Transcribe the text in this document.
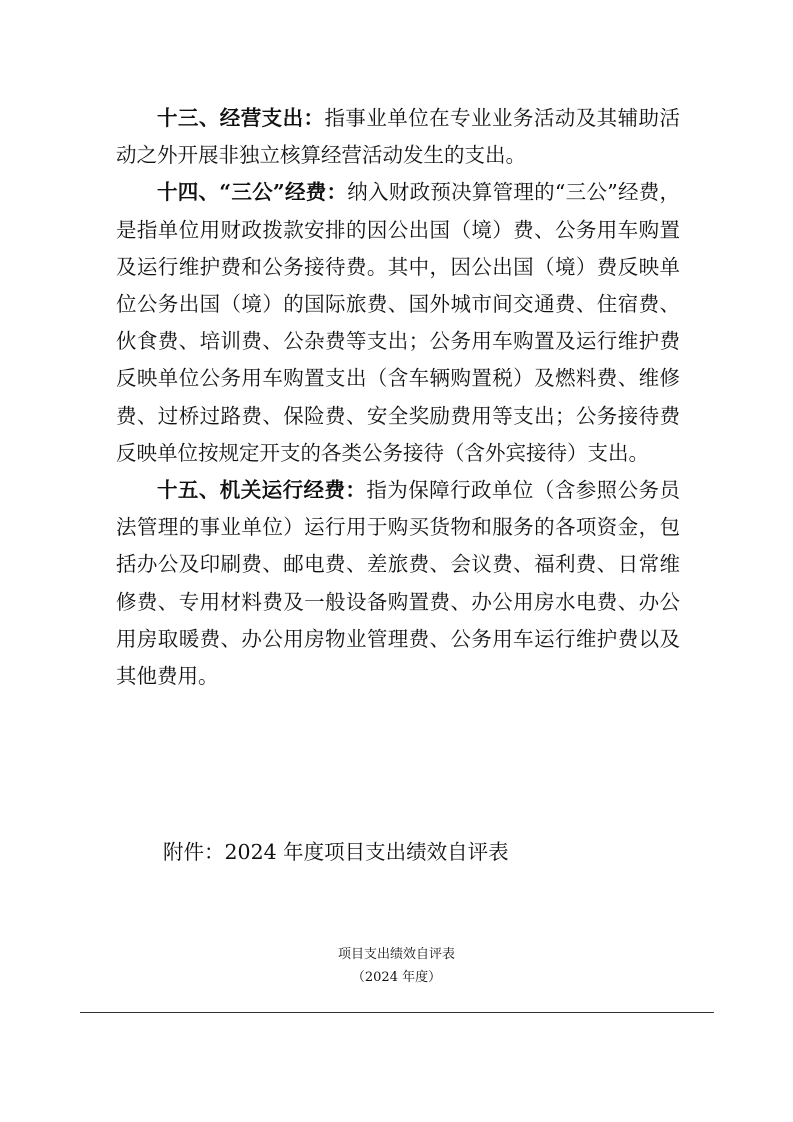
十三、经营支出：指事业单位在专业业务活动及其辅助活动之外开展非独立核算经营活动发生的支出。

十四、“三公”经费：纳入财政预决算管理的“三公”经费，是指单位用财政拨款安排的因公出国（境）费、公务用车购置及运行维护费和公务接待费。其中，因公出国（境）费反映单位公务出国（境）的国际旅费、国外城市间交通费、住宿费、伙食费、培训费、公杂费等支出；公务用车购置及运行维护费反映单位公务用车购置支出（含车辆购置税）及燃料费、维修费、过桥过路费、保险费、安全奖励费用等支出；公务接待费反映单位按规定开支的各类公务接待（含外宾接待）支出。

十五、机关运行经费：指为保障行政单位（含参照公务员法管理的事业单位）运行用于购买货物和服务的各项资金，包括办公及印刷费、邮电费、差旅费、会议费、福利费、日常维修费、专用材料费及一般设备购置费、办公用房水电费、办公用房取暖费、办公用房物业管理费、公务用车运行维护费以及其他费用。

附件：2024 年度项目支出绩效自评表
项目支出绩效自评表
（2024 年度）
